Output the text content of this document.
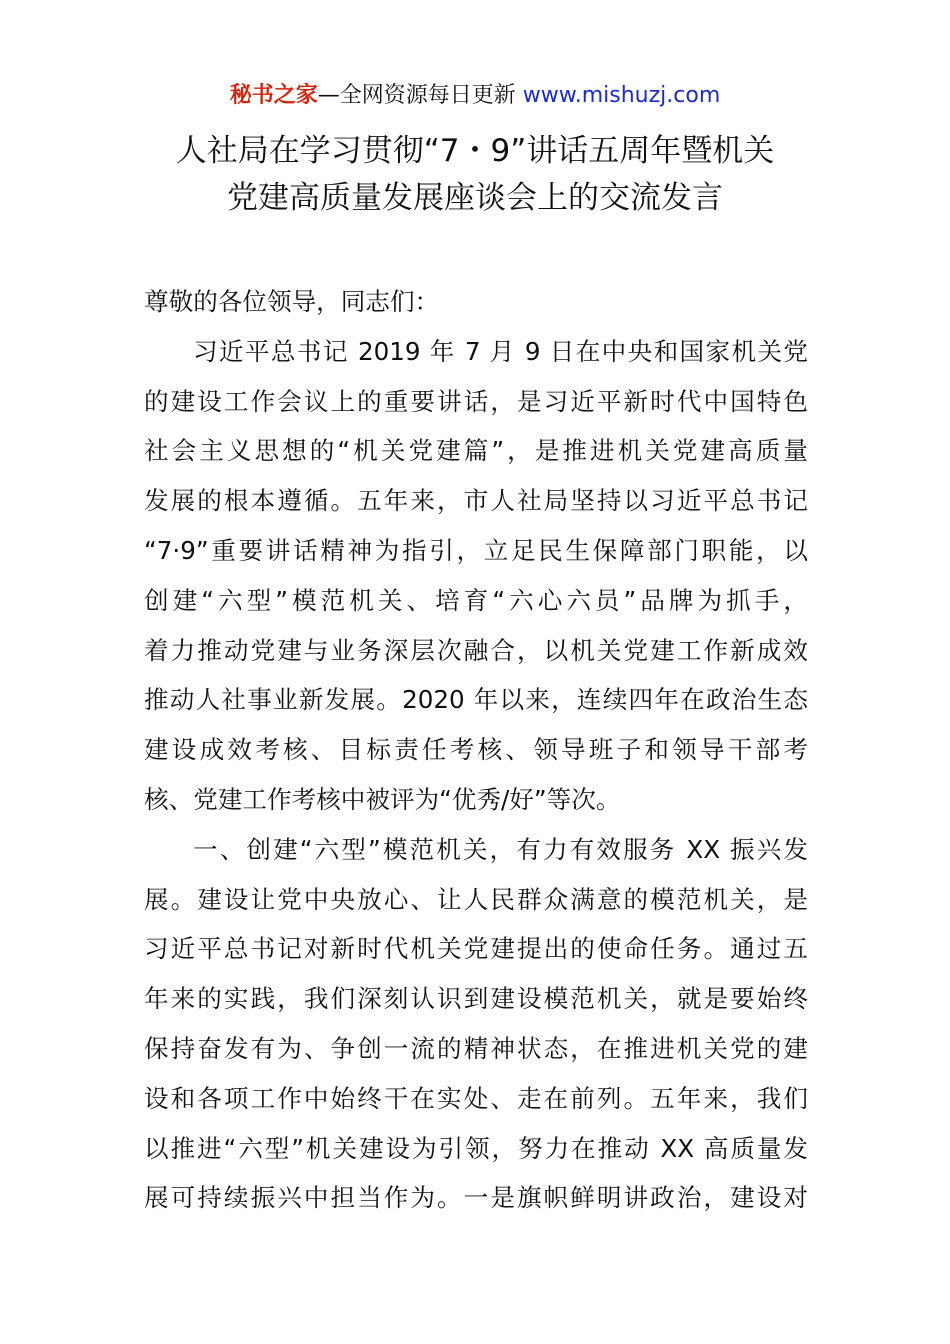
秘书之家—全网资源每日更新 www.mishuzj.com
人社局在学习贯彻“7・9”讲话五周年暨机关
党建高质量发展座谈会上的交流发言
尊敬的各位领导，同志们：
习近平总书记 2019 年 7 月 9 日在中央和国家机关党
的建设工作会议上的重要讲话，是习近平新时代中国特色
社会主义思想的“机关党建篇”，是推进机关党建高质量
发展的根本遵循。五年来，市人社局坚持以习近平总书记
“7·9”重要讲话精神为指引，立足民生保障部门职能，以
创建“六型”模范机关、培育“六心六员”品牌为抓手，
着力推动党建与业务深层次融合，以机关党建工作新成效
推动人社事业新发展。2020 年以来，连续四年在政治生态
建设成效考核、目标责任考核、领导班子和领导干部考
核、党建工作考核中被评为“优秀/好”等次。
一、创建“六型”模范机关，有力有效服务 XX 振兴发
展。建设让党中央放心、让人民群众满意的模范机关，是
习近平总书记对新时代机关党建提出的使命任务。通过五
年来的实践，我们深刻认识到建设模范机关，就是要始终
保持奋发有为、争创一流的精神状态，在推进机关党的建
设和各项工作中始终干在实处、走在前列。五年来，我们
以推进“六型”机关建设为引领，努力在推动 XX 高质量发
展可持续振兴中担当作为。一是旗帜鲜明讲政治，建设对
